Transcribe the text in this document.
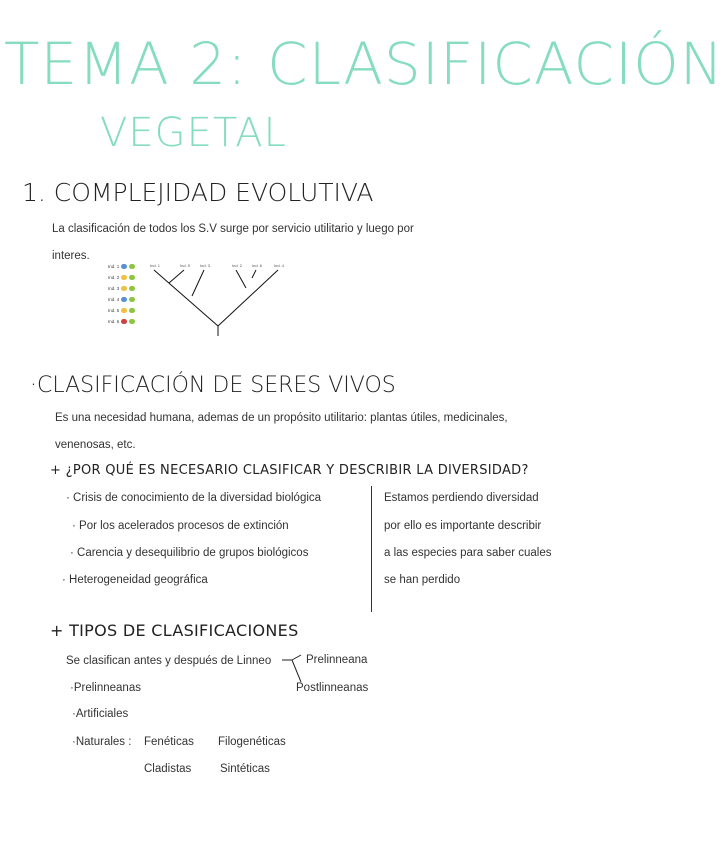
TEMA 2: CLASIFICACIÓN
VEGETAL
1. COMPLEJIDAD EVOLUTIVA
La clasificación de todos los S.V surge por servicio utilitario y luego por
interes.
Ind. 1
Ind. 2
Ind. 3
Ind. 4
Ind. 5
Ind. 6
Ind. 1	Ind. 5 Ind. 3	Ind. 2 Ind. 6	Ind. 4
·CLASIFICACIÓN DE SERES VIVOS
Es una necesidad humana, ademas de un propósito utilitario: plantas útiles, medicinales,
venenosas, etc.
+ ¿POR QUÉ ES NECESARIO CLASIFICAR Y DESCRIBIR LA DIVERSIDAD?
· Crisis de conocimiento de la diversidad biológica
· Por los acelerados procesos de extinción
· Carencia y desequilibrio de grupos biológicos
· Heterogeneidad geográfica
Estamos perdiendo diversidad
por ello es importante describir
a las especies para saber cuales
se han perdido
+ TIPOS DE CLASIFICACIONES
Se clasifican antes y después de Linneo	Prelinneana
Postlinneanas
·Prelinneanas
·Artificiales
·Naturales : Fenéticas Filogenéticas
Cladistas Sintéticas
